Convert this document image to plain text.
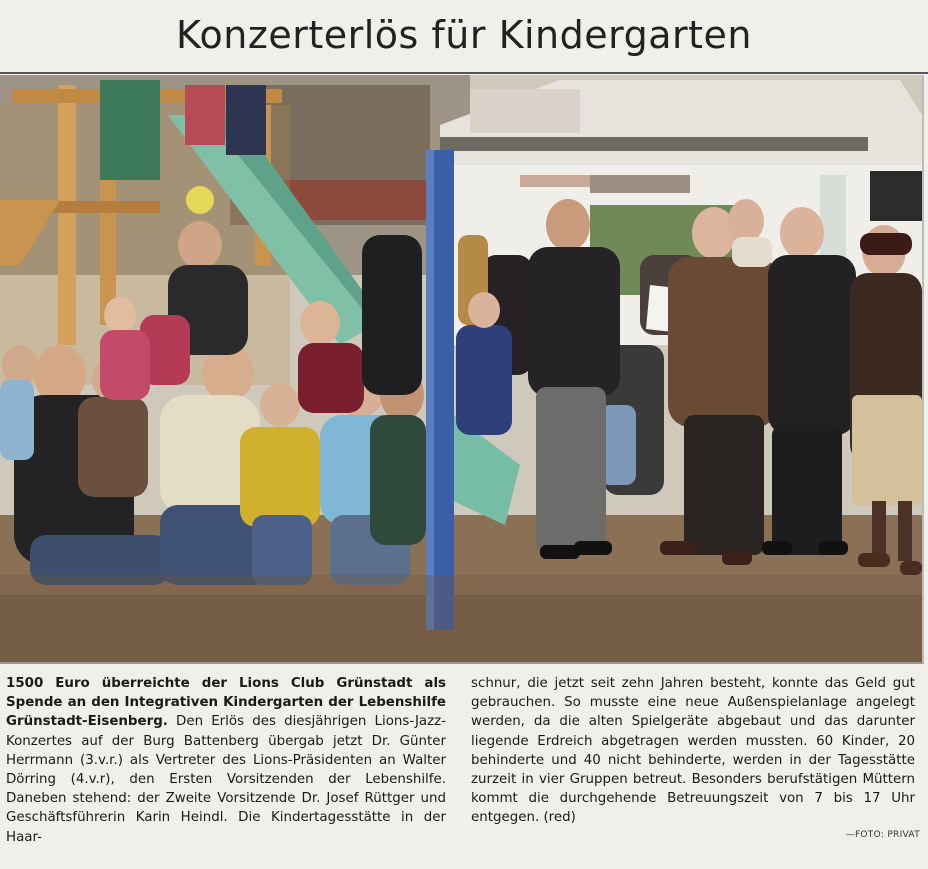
Konzerterlös für Kindergarten
1500 Euro überreichte der Lions Club Grünstadt als Spende an den Integrativen Kindergarten der Lebenshilfe Grünstadt-Eisenberg. Den Erlös des diesjährigen Lions-Jazz-Konzertes auf der Burg Battenberg übergab jetzt Dr. Günter Herrmann (3.v.r.) als Vertreter des Lions-Präsidenten an Walter Dörring (4.v.r), den Ersten Vorsitzenden der Lebenshilfe. Daneben stehend: der Zweite Vorsitzende Dr. Josef Rüttger und Geschäftsführerin Karin Heindl. Die Kindertagesstätte in der Haar-
schnur, die jetzt seit zehn Jahren besteht, konnte das Geld gut gebrauchen. So musste eine neue Außenspielanlage angelegt werden, da die alten Spielgeräte abgebaut und das darunter liegende Erdreich abgetragen werden mussten. 60 Kinder, 20 behinderte und 40 nicht behinderte, werden in der Tagesstätte zurzeit in vier Gruppen betreut. Besonders berufstätigen Müttern kommt die durchgehende Betreuungszeit von 7 bis 17 Uhr entgegen. (red)
—FOTO: PRIVAT
